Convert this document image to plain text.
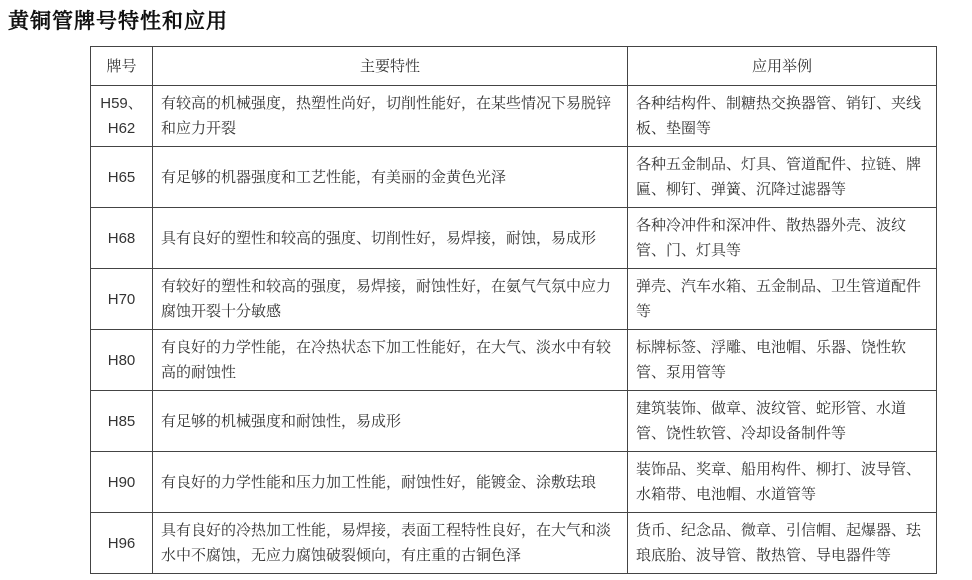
黄铜管牌号特性和应用
牌号	主要特性	应用举例
H59、H62	有较高的机械强度，热塑性尚好，切削性能好，在某些情况下易脱锌和应力开裂	各种结构件、制糖热交换器管、销钉、夹线板、垫圈等
H65	有足够的机器强度和工艺性能，有美丽的金黄色光泽	各种五金制品、灯具、管道配件、拉链、牌匾、柳钉、弹簧、沉降过滤器等
H68	具有良好的塑性和较高的强度、切削性好，易焊接，耐蚀，易成形	各种冷冲件和深冲件、散热器外壳、波纹管、门、灯具等
H70	有较好的塑性和较高的强度，易焊接，耐蚀性好，在氨气气氛中应力腐蚀开裂十分敏感	弹壳、汽车水箱、五金制品、卫生管道配件等
H80	有良好的力学性能，在冷热状态下加工性能好，在大气、淡水中有较高的耐蚀性	标牌标签、浮雕、电池帽、乐器、饶性软管、泵用管等
H85	有足够的机械强度和耐蚀性，易成形	建筑装饰、做章、波纹管、蛇形管、水道管、饶性软管、冷却设备制件等
H90	有良好的力学性能和压力加工性能，耐蚀性好，能镀金、涂敷珐琅	装饰品、奖章、船用构件、柳打、波导管、水箱带、电池帽、水道管等
H96	具有良好的冷热加工性能，易焊接，表面工程特性良好，在大气和淡水中不腐蚀，无应力腐蚀破裂倾向，有庄重的古铜色泽	货币、纪念品、微章、引信帽、起爆器、珐琅底胎、波导管、散热管、导电器件等
